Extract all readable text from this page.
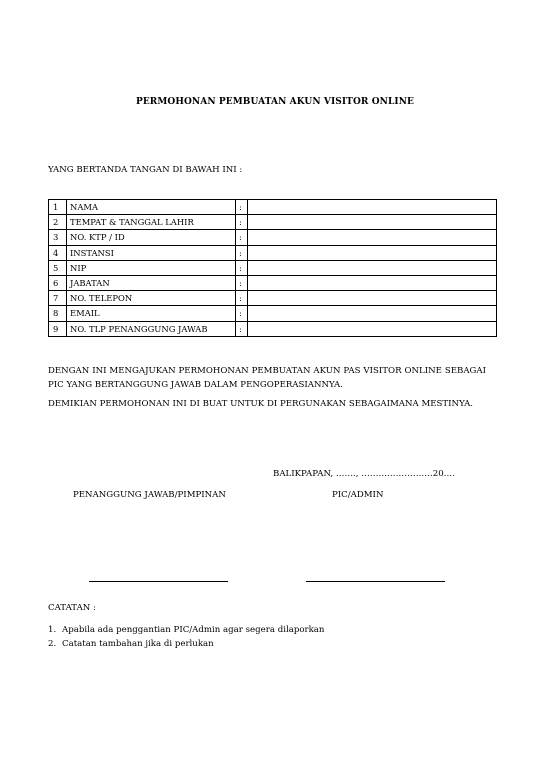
PERMOHONAN PEMBUATAN AKUN VISITOR ONLINE
YANG BERTANDA TANGAN DI BAWAH INI :
1	NAMA	:	
2	TEMPAT & TANGGAL LAHIR	:	
3	NO. KTP / ID	:	
4	INSTANSI	:	
5	NIP	:	
6	JABATAN	:	
7	NO. TELEPON	:	
8	EMAIL	:	
9	NO. TLP PENANGGUNG JAWAB	:	
DENGAN INI MENGAJUKAN PERMOHONAN PEMBUATAN AKUN PAS VISITOR ONLINE SEBAGAI PIC YANG BERTANGGUNG JAWAB DALAM PENGOPERASIANNYA.
DEMIKIAN PERMOHONAN INI DI BUAT UNTUK DI PERGUNAKAN SEBAGAIMANA MESTINYA.
BALIKPAPAN, ……., …………………….20….
PENANGGUNG JAWAB/PIMPINAN	PIC/ADMIN
CATATAN :
1. Apabila ada penggantian PIC/Admin agar segera dilaporkan
2. Catatan tambahan jika di perlukan
